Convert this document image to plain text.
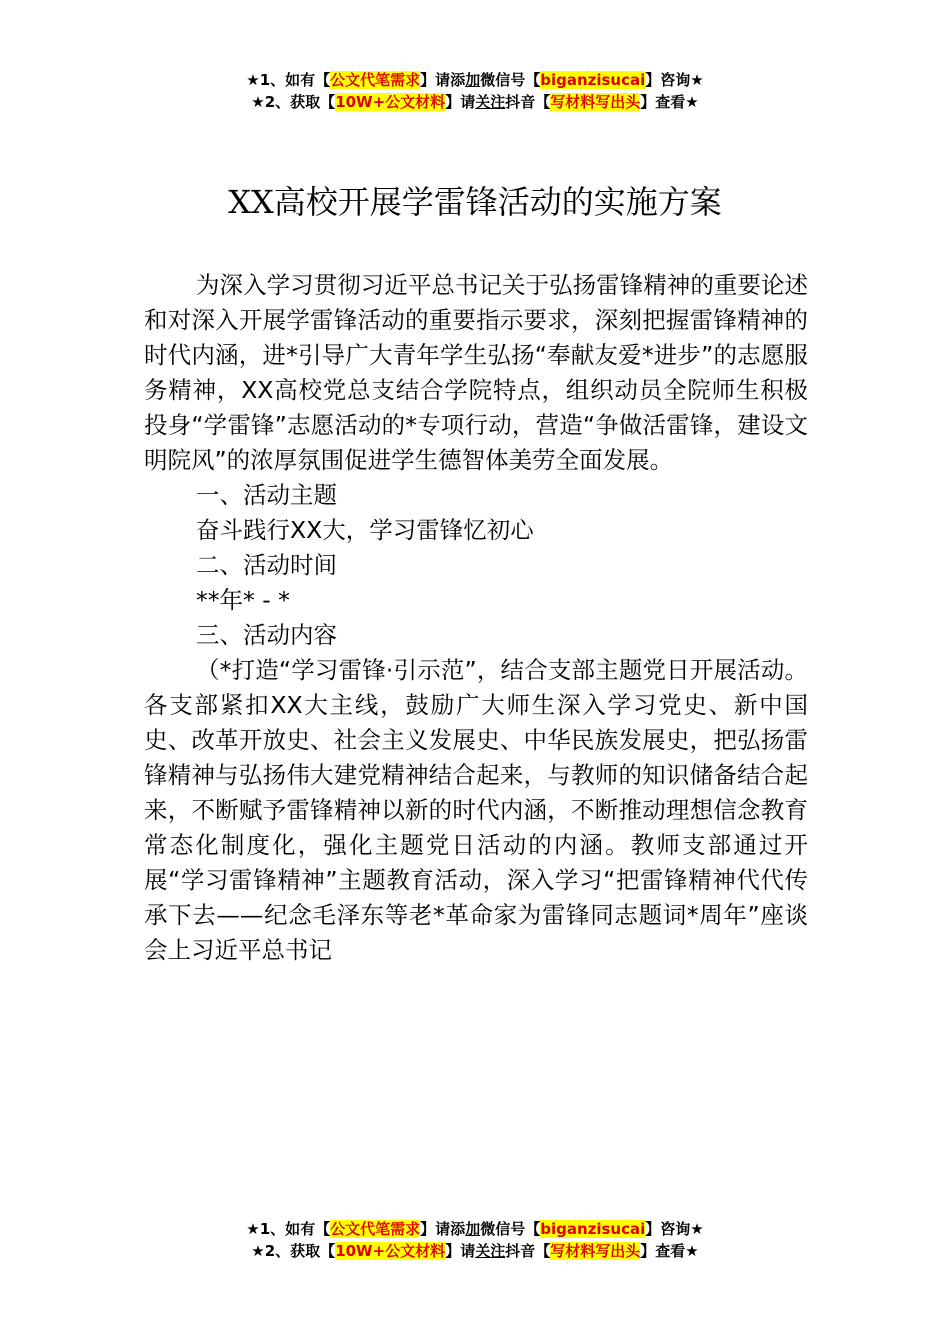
★1、如有【公文代笔需求】请添加微信号【biganzisucai】咨询★
★2、获取【10W+公文材料】请关注抖音【写材料写出头】查看★
XX高校开展学雷锋活动的实施方案

为深入学习贯彻习近平总书记关于弘扬雷锋精神的重要论述和对深入开展学雷锋活动的重要指示要求，深刻把握雷锋精神的时代内涵，进*引导广大青年学生弘扬“奉献友爱*进步”的志愿服务精神，XX高校党总支结合学院特点，组织动员全院师生积极投身“学雷锋”志愿活动的*专项行动，营造“争做活雷锋，建设文明院风”的浓厚氛围促进学生德智体美劳全面发展。

一、活动主题

奋斗践行XX大，学习雷锋忆初心

二、活动时间

**年* - *

三、活动内容

（*打造“学习雷锋·引示范”，结合支部主题党日开展活动。各支部紧扣XX大主线，鼓励广大师生深入学习党史、新中国史、改革开放史、社会主义发展史、中华民族发展史，把弘扬雷锋精神与弘扬伟大建党精神结合起来，与教师的知识储备结合起来，不断赋予雷锋精神以新的时代内涵，不断推动理想信念教育常态化制度化，强化主题党日活动的内涵。教师支部通过开展“学习雷锋精神”主题教育活动，深入学习“把雷锋精神代代传承下去——纪念毛泽东等老*革命家为雷锋同志题词*周年”座谈会上习近平总书记

★1、如有【公文代笔需求】请添加微信号【biganzisucai】咨询★
★2、获取【10W+公文材料】请关注抖音【写材料写出头】查看★
